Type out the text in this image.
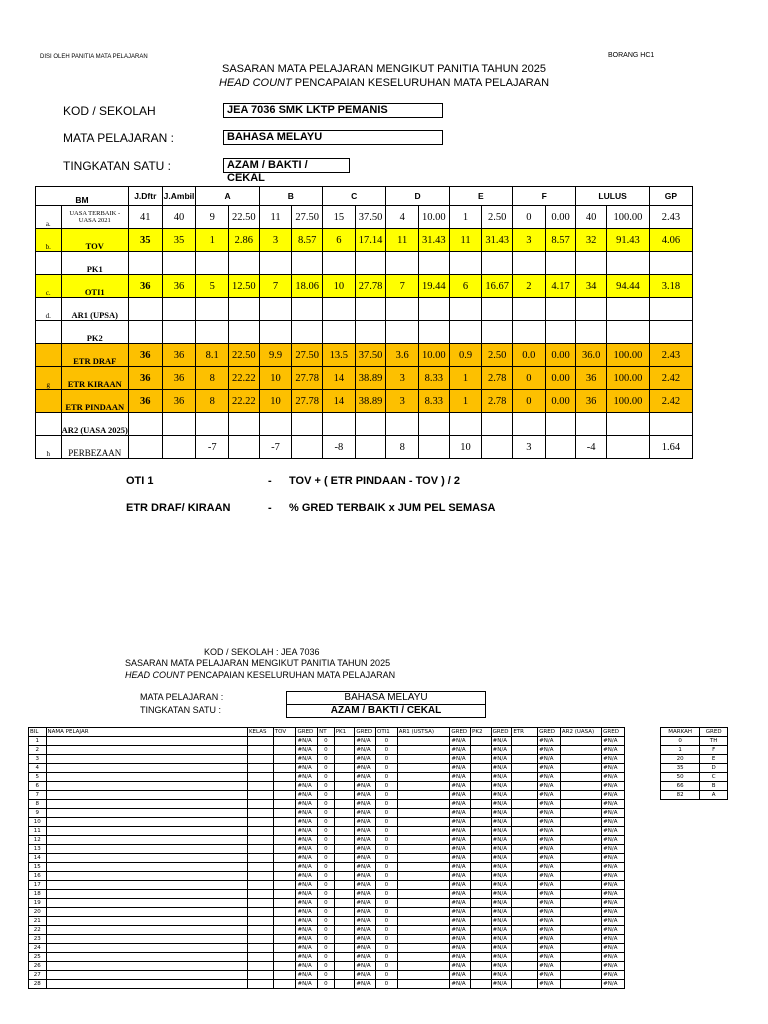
DISI OLEH PANITIA MATA PELAJARAN	BORANG HC1
SASARAN MATA PELAJARAN MENGIKUT PANITIA TAHUN 2025
HEAD COUNT PENCAPAIAN KESELURUHAN MATA PELAJARAN
KOD / SEKOLAH	JEA 7036 SMK LKTP PEMANIS
MATA PELAJARAN :	BAHASA MELAYU
TINGKATAN SATU :	AZAM / BAKTI / CEKAL
BM		J.Dftr	J.Ambil	A		B		C		D		E		F		LULUS		GP
a.	UASA TERBAIK - UASA 2021	41	40	9	22.50	11	27.50	15	37.50	4	10.00	1	2.50	0	0.00	40	100.00	2.43
b.	TOV	35	35	1	2.86	3	8.57	6	17.14	11	31.43	11	31.43	3	8.57	32	91.43	4.06
	PK1																	
c.	OTI1	36	36	5	12.50	7	18.06	10	27.78	7	19.44	6	16.67	2	4.17	34	94.44	3.18
d.	AR1 (UPSA)																	
	PK2																	
	ETR DRAF	36	36	8.1	22.50	9.9	27.50	13.5	37.50	3.6	10.00	0.9	2.50	0.0	0.00	36.0	100.00	2.43
g	ETR KIRAAN	36	36	8	22.22	10	27.78	14	38.89	3	8.33	1	2.78	0	0.00	36	100.00	2.42
	ETR PINDAAN	36	36	8	22.22	10	27.78	14	38.89	3	8.33	1	2.78	0	0.00	36	100.00	2.42
	AR2 (UASA 2025)																	
h	PERBEZAAN			-7		-7		-8		8		10		3		-4		1.64
OTI 1	- TOV + ( ETR PINDAAN - TOV ) / 2
ETR DRAF/ KIRAAN	- % GRED TERBAIK x JUM PEL SEMASA
KOD / SEKOLAH : JEA 7036
SASARAN MATA PELAJARAN MENGIKUT PANITIA TAHUN 2025
HEAD COUNT PENCAPAIAN KESELURUHAN MATA PELAJARAN
MATA PELAJARAN :	BAHASA MELAYU
TINGKATAN SATU :	AZAM / BAKTI / CEKAL
BIL	NAMA PELAJAR	KELAS	TOV	GRED	NT	PK1	GRED	OTI1	AR1 (USTSA)	GRED	PK2	GRED	ETR	GRED	AR2 (UASA)	GRED
1				#N/A	0		#N/A	0		#N/A		#N/A		#N/A		#N/A
2				#N/A	0		#N/A	0		#N/A		#N/A		#N/A		#N/A
3				#N/A	0		#N/A	0		#N/A		#N/A		#N/A		#N/A
4				#N/A	0		#N/A	0		#N/A		#N/A		#N/A		#N/A
5				#N/A	0		#N/A	0		#N/A		#N/A		#N/A		#N/A
6				#N/A	0		#N/A	0		#N/A		#N/A		#N/A		#N/A
7				#N/A	0		#N/A	0		#N/A		#N/A		#N/A		#N/A
8				#N/A	0		#N/A	0		#N/A		#N/A		#N/A		#N/A
9				#N/A	0		#N/A	0		#N/A		#N/A		#N/A		#N/A
10				#N/A	0		#N/A	0		#N/A		#N/A		#N/A		#N/A
11				#N/A	0		#N/A	0		#N/A		#N/A		#N/A		#N/A
12				#N/A	0		#N/A	0		#N/A		#N/A		#N/A		#N/A
13				#N/A	0		#N/A	0		#N/A		#N/A		#N/A		#N/A
14				#N/A	0		#N/A	0		#N/A		#N/A		#N/A		#N/A
15				#N/A	0		#N/A	0		#N/A		#N/A		#N/A		#N/A
16				#N/A	0		#N/A	0		#N/A		#N/A		#N/A		#N/A
17				#N/A	0		#N/A	0		#N/A		#N/A		#N/A		#N/A
18				#N/A	0		#N/A	0		#N/A		#N/A		#N/A		#N/A
19				#N/A	0		#N/A	0		#N/A		#N/A		#N/A		#N/A
20				#N/A	0		#N/A	0		#N/A		#N/A		#N/A		#N/A
21				#N/A	0		#N/A	0		#N/A		#N/A		#N/A		#N/A
22				#N/A	0		#N/A	0		#N/A		#N/A		#N/A		#N/A
23				#N/A	0		#N/A	0		#N/A		#N/A		#N/A		#N/A
24				#N/A	0		#N/A	0		#N/A		#N/A		#N/A		#N/A
25				#N/A	0		#N/A	0		#N/A		#N/A		#N/A		#N/A
26				#N/A	0		#N/A	0		#N/A		#N/A		#N/A		#N/A
27				#N/A	0		#N/A	0		#N/A		#N/A		#N/A		#N/A
28				#N/A	0		#N/A	0		#N/A		#N/A		#N/A		#N/A
MARKAH	GRED
0	TH
1	F
20	E
35	D
50	C
66	B
82	A
